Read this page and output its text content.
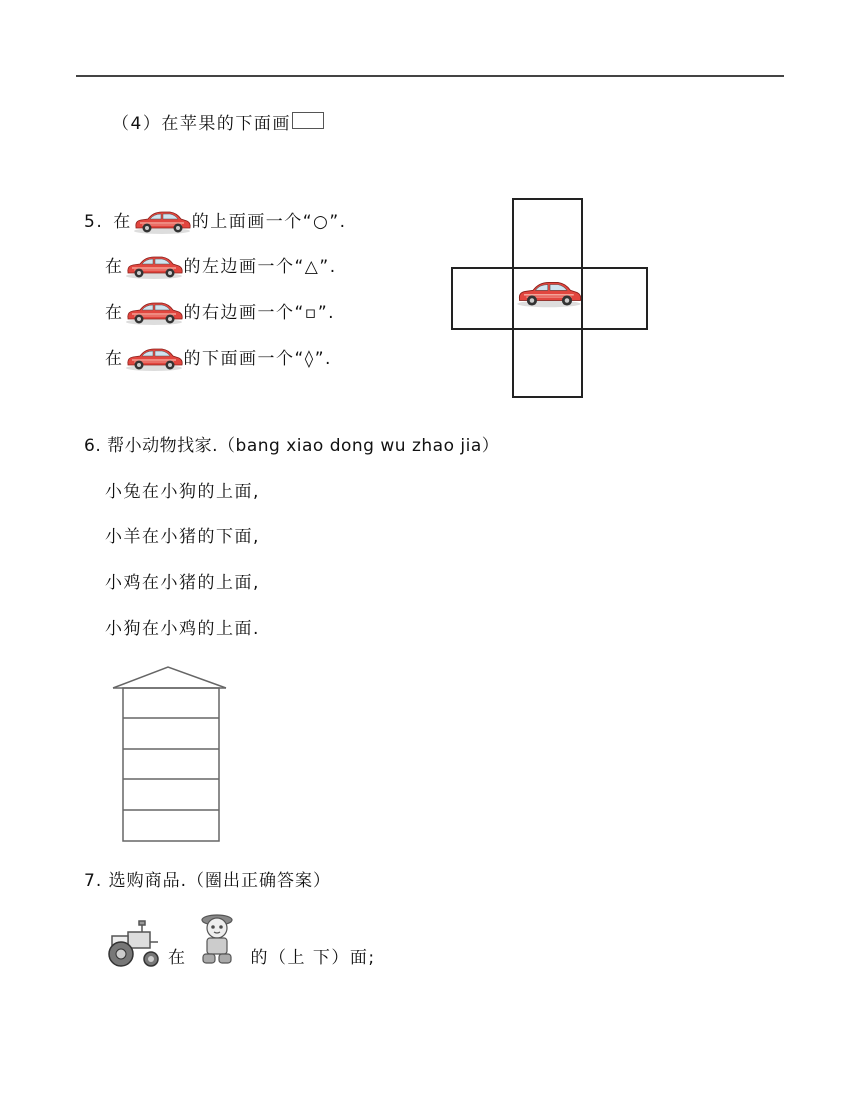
（4）在苹果的下面画
5. 在	的上面画一个“○”.
在	的左边画一个“△”.
在	的右边画一个“▫”.
在	的下面画一个“◊”.
6. 帮小动物找家.（bang xiao dong wu zhao jia）
小兔在小狗的上面,
小羊在小猪的下面,
小鸡在小猪的上面,
小狗在小鸡的上面.
7. 选购商品.（圈出正确答案）
在	的（上 下）面;
